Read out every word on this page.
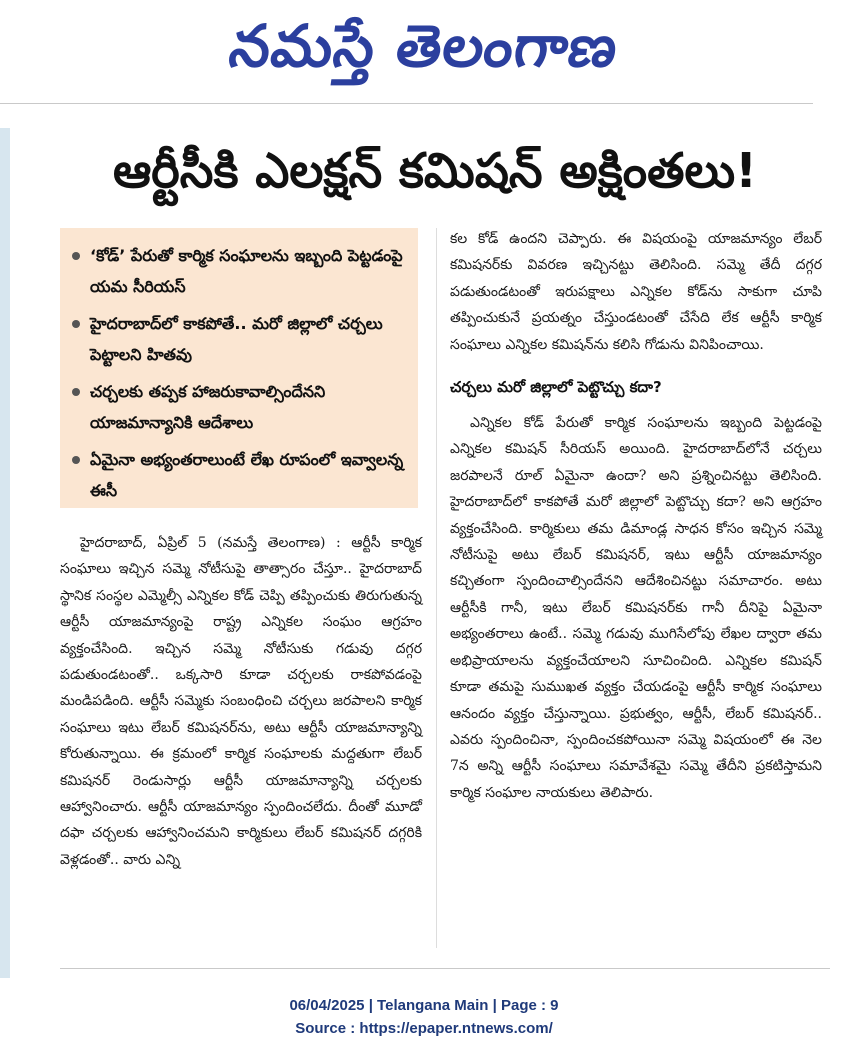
నమస్తే తెలంగాణ
ఆర్టీసీకి ఎలక్షన్ కమిషన్ అక్షింతలు!
‘కోడ్’ పేరుతో కార్మిక సంఘాలను ఇబ్బంది పెట్టడంపై యమ సీరియస్
హైదరాబాద్‌లో కాకపోతే.. మరో జిల్లాలో చర్చలు పెట్టాలని హితవు
చర్చలకు తప్పక హాజరుకావాల్సిందేనని యాజమాన్యానికి ఆదేశాలు
ఏమైనా అభ్యంతరాలుంటే లేఖ రూపంలో ఇవ్వాలన్న ఈసీ

హైదరాబాద్, ఏప్రిల్ 5 (నమస్తే తెలంగాణ) : ఆర్టీసీ కార్మిక సంఘాలు ఇచ్చిన సమ్మె నోటీసుపై తాత్సారం చేస్తూ.. హైదరాబాద్ స్థానిక సంస్థల ఎమ్మెల్సీ ఎన్నికల కోడ్ చెప్పి తప్పించుకు తిరుగుతున్న ఆర్టీసీ యాజమాన్యంపై రాష్ట్ర ఎన్నికల సంఘం ఆగ్రహం వ్యక్తంచేసింది. ఇచ్చిన సమ్మె నోటీసుకు గడువు దగ్గర పడుతుండటంతో.. ఒక్కసారి కూడా చర్చలకు రాకపోవడంపై మండిపడింది. ఆర్టీసీ సమ్మెకు సంబంధించి చర్చలు జరపాలని కార్మిక సంఘాలు ఇటు లేబర్ కమిషనర్‌ను, అటు ఆర్టీసీ యాజమాన్యాన్ని కోరుతున్నాయి. ఈ క్రమంలో కార్మిక సంఘాలకు మద్దతుగా లేబర్ కమిషనర్ రెండుసార్లు ఆర్టీసీ యాజమాన్యాన్ని చర్చలకు ఆహ్వానించారు. ఆర్టీసీ యాజమాన్యం స్పందించలేదు. దీంతో మూడో దఫా చర్చలకు ఆహ్వానించమని కార్మికులు లేబర్ కమిషనర్ దగ్గరికి వెళ్లడంతో.. వారు ఎన్ని

కల కోడ్ ఉందని చెప్పారు. ఈ విషయంపై యాజమాన్యం లేబర్ కమిషనర్‌కు వివరణ ఇచ్చినట్టు తెలిసింది. సమ్మె తేదీ దగ్గర పడుతుండటంతో ఇరుపక్షాలు ఎన్నికల కోడ్‌ను సాకుగా చూపి తప్పించుకునే ప్రయత్నం చేస్తుండటంతో చేసేది లేక ఆర్టీసీ కార్మిక సంఘాలు ఎన్నికల కమిషన్‌ను కలిసి గోడును వినిపించాయి.

చర్చలు మరో జిల్లాలో పెట్టొచ్చు కదా?

ఎన్నికల కోడ్ పేరుతో కార్మిక సంఘాలను ఇబ్బంది పెట్టడంపై ఎన్నికల కమిషన్ సీరియస్ అయింది. హైదరాబాద్‌లోనే చర్చలు జరపాలనే రూల్ ఏమైనా ఉందా? అని ప్రశ్నించినట్టు తెలిసింది. హైదరాబాద్‌లో కాకపోతే మరో జిల్లాలో పెట్టొచ్చు కదా? అని ఆగ్రహం వ్యక్తంచేసింది. కార్మికులు తమ డిమాండ్ల సాధన కోసం ఇచ్చిన సమ్మె నోటీసుపై అటు లేబర్ కమిషనర్, ఇటు ఆర్టీసీ యాజమాన్యం కచ్చితంగా స్పందించాల్సిందేనని ఆదేశించినట్టు సమాచారం. అటు ఆర్టీసీకి గానీ, ఇటు లేబర్ కమిషనర్‌కు గానీ దీనిపై ఏమైనా అభ్యంతరాలు ఉంటే.. సమ్మె గడువు ముగిసేలోపు లేఖల ద్వారా తమ అభిప్రాయాలను వ్యక్తంచేయాలని సూచించింది. ఎన్నికల కమిషన్ కూడా తమపై సుముఖత వ్యక్తం చేయడంపై ఆర్టీసీ కార్మిక సంఘాలు ఆనందం వ్యక్తం చేస్తున్నాయి. ప్రభుత్వం, ఆర్టీసీ, లేబర్ కమిషనర్.. ఎవరు స్పందించినా, స్పందించకపోయినా సమ్మె విషయంలో ఈ నెల 7న అన్ని ఆర్టీసీ సంఘాలు సమావేశమై సమ్మె తేదీని ప్రకటిస్తామని కార్మిక సంఘాల నాయకులు తెలిపారు.

06/04/2025 | Telangana Main | Page : 9
Source : https://epaper.ntnews.com/
